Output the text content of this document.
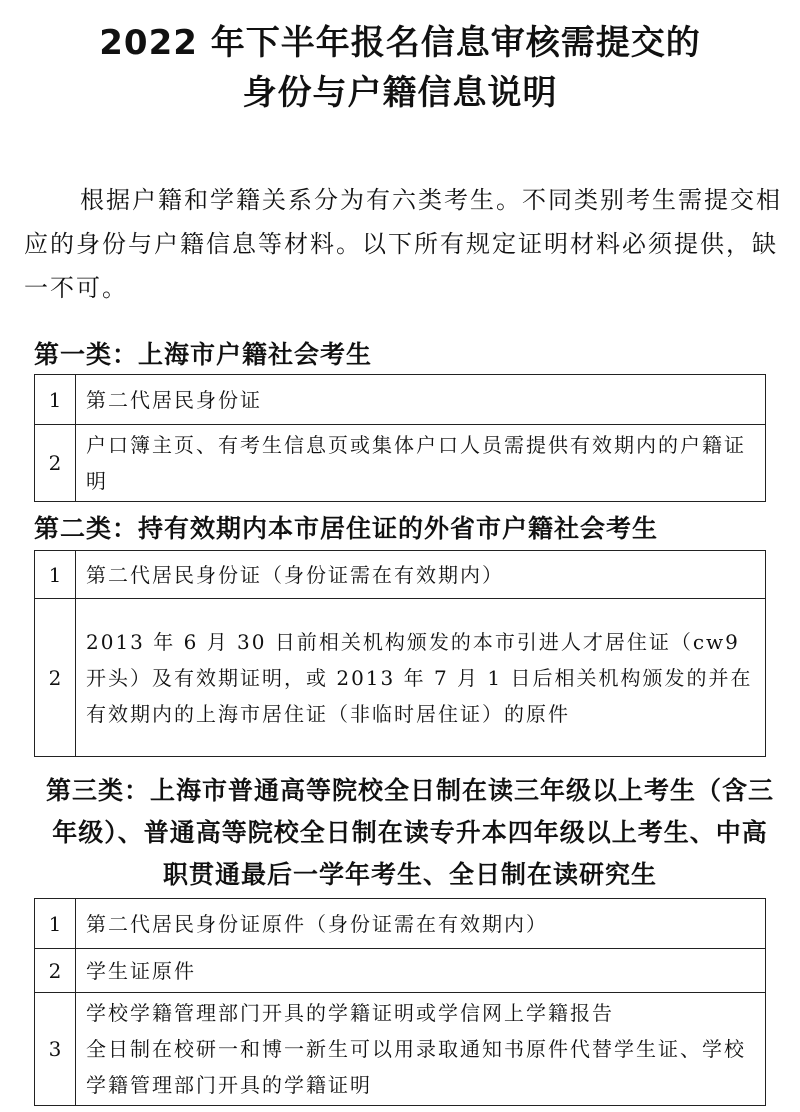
2022 年下半年报名信息审核需提交的
身份与户籍信息说明
根据户籍和学籍关系分为有六类考生。不同类别考生需提交相应的身份与户籍信息等材料。以下所有规定证明材料必须提供，缺一不可。
第一类：上海市户籍社会考生
1	第二代居民身份证
2	户口簿主页、有考生信息页或集体户口人员需提供有效期内的户籍证明
第二类：持有效期内本市居住证的外省市户籍社会考生
1	第二代居民身份证（身份证需在有效期内）
2	2013 年 6 月 30 日前相关机构颁发的本市引进人才居住证（cw9 开头）及有效期证明，或 2013 年 7 月 1 日后相关机构颁发的并在有效期内的上海市居住证（非临时居住证）的原件
第三类：上海市普通高等院校全日制在读三年级以上考生（含三年级）、普通高等院校全日制在读专升本四年级以上考生、中高职贯通最后一学年考生、全日制在读研究生
1	第二代居民身份证原件（身份证需在有效期内）
2	学生证原件
3	学校学籍管理部门开具的学籍证明或学信网上学籍报告
全日制在校研一和博一新生可以用录取通知书原件代替学生证、学校学籍管理部门开具的学籍证明
